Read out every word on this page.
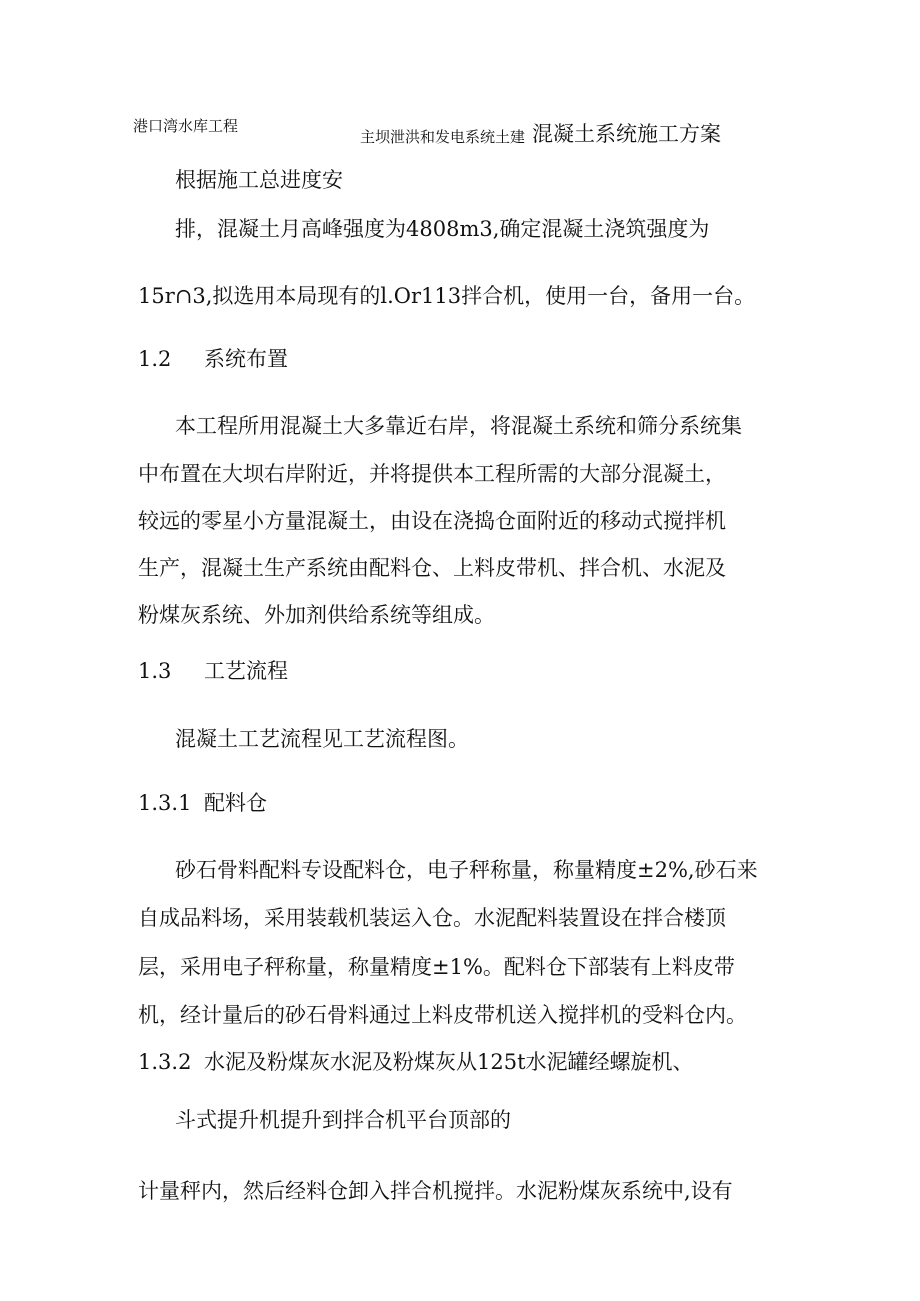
港口湾水库工程
主坝泄洪和发电系统土建 混凝土系统施工方案
根据施工总进度安
排，混凝土月高峰强度为4808m3,确定混凝土浇筑强度为
15r∩3,拟选用本局现有的l.Or113拌合机，使用一台，备用一台。
1.2 系统布置
本工程所用混凝土大多靠近右岸，将混凝土系统和筛分系统集
中布置在大坝右岸附近，并将提供本工程所需的大部分混凝土，
较远的零星小方量混凝土，由设在浇捣仓面附近的移动式搅拌机
生产，混凝土生产系统由配料仓、上料皮带机、拌合机、水泥及
粉煤灰系统、外加剂供给系统等组成。
1.3 工艺流程
混凝土工艺流程见工艺流程图。
1.3.1 配料仓
砂石骨料配料专设配料仓，电子秤称量，称量精度±2%,砂石来
自成品料场，采用装载机装运入仓。水泥配料装置设在拌合楼顶
层，采用电子秤称量，称量精度±1%。配料仓下部装有上料皮带
机，经计量后的砂石骨料通过上料皮带机送入搅拌机的受料仓内。
1.3.2 水泥及粉煤灰水泥及粉煤灰从125t水泥罐经螺旋机、
斗式提升机提升到拌合机平台顶部的
计量秤内，然后经料仓卸入拌合机搅拌。水泥粉煤灰系统中,设有
